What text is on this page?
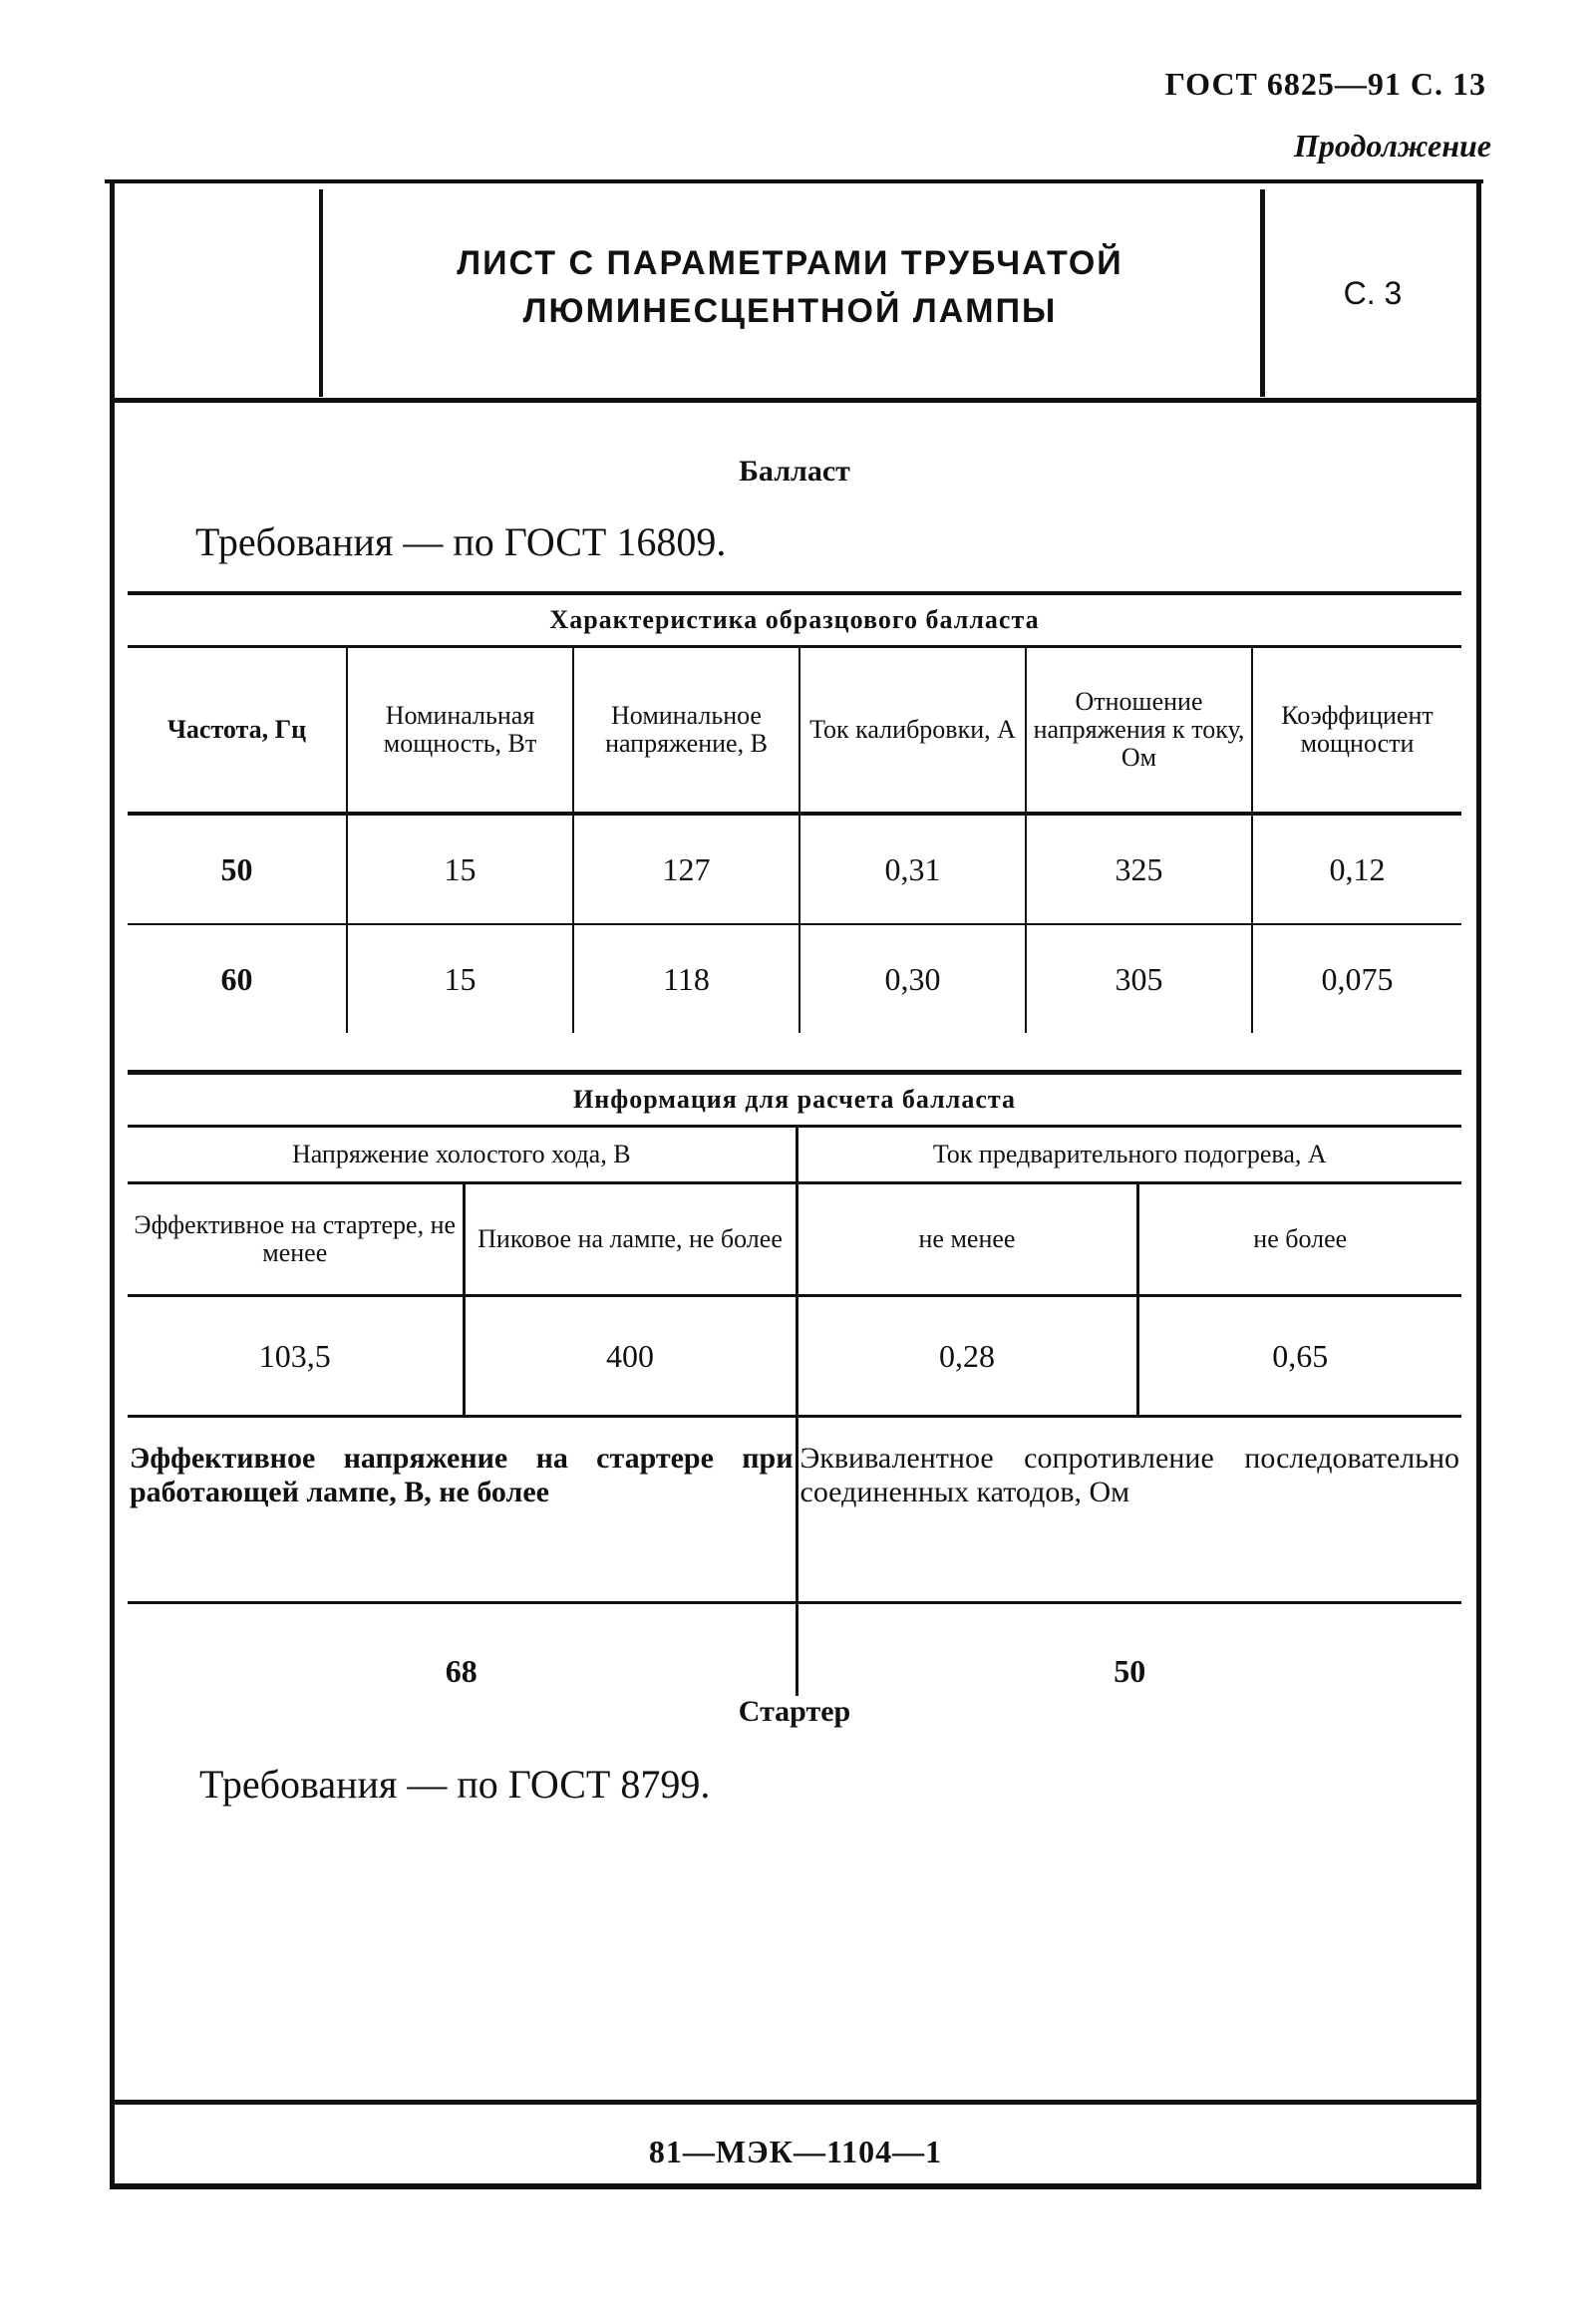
ГОСТ 6825—91 С. 13
Продолжение
ЛИСТ С ПАРАМЕТРАМИ ТРУБЧАТОЙ
ЛЮМИНЕСЦЕНТНОЙ ЛАМПЫ	С. 3
Балласт
Требования — по ГОСТ 16809.
Характеристика образцового балласта					
Частота, Гц	Номинальная мощность, Вт	Номинальное напряжение, В	Ток калибровки, А	Отношение напряжения к току, Ом	Коэффициент мощности
50	15	127	0,31	325	0,12
60	15	118	0,30	305	0,075
Информация для расчета балласта			
Напряжение холостого хода, В		Ток предварительного подогрева, А	
Эффективное на стартере, не менее	Пиковое на лампе, не более	не менее	не более
103,5	400	0,28	0,65
Эффективное напряжение на стартере при работающей лампе, В, не более		Эквивалентное сопротивление последовательно соединенных катодов, Ом	
68		50	
Стартер
Требования — по ГОСТ 8799.
81—МЭК—1104—1
